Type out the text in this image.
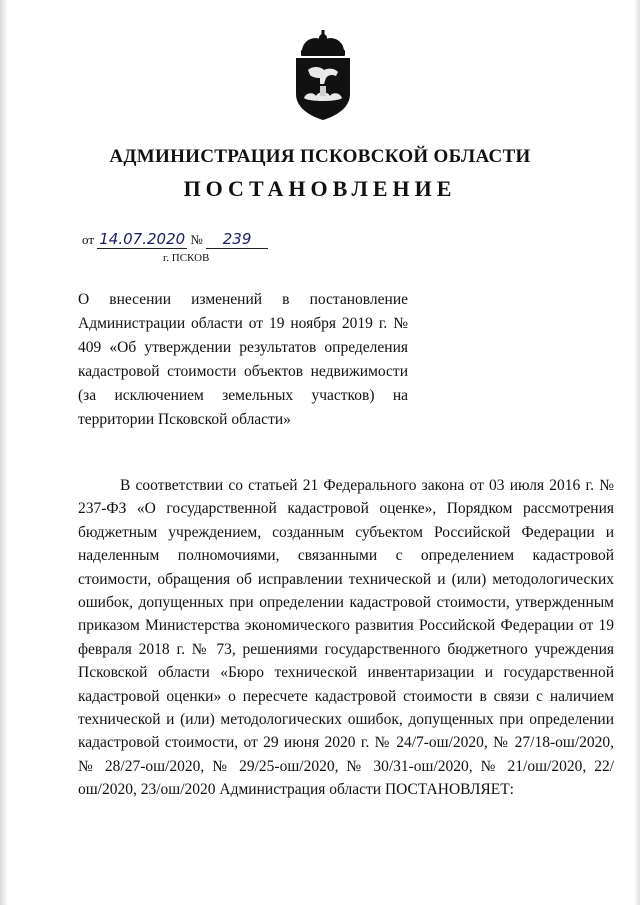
АДМИНИСТРАЦИЯ ПСКОВСКОЙ ОБЛАСТИ
ПОСТАНОВЛЕНИЕ
от 14.07.2020 № 239
г. ПСКОВ
О внесении изменений в постановление Администрации области от 19 ноября 2019 г. № 409 «Об утверждении результатов определения кадастровой стоимости объектов недвижимости (за исключением земельных участков) на территории Псковской области»
В соответствии со статьей 21 Федерального закона от 03 июля 2016 г. № 237-ФЗ «О государственной кадастровой оценке», Порядком рассмотрения бюджетным учреждением, созданным субъектом Российской Федерации и наделенным полномочиями, связанными с определением кадастровой стоимости, обращения об исправлении технической и (или) методологических ошибок, допущенных при определении кадастровой стоимости, утвержденным приказом Министерства экономического развития Российской Федерации от 19 февраля 2018 г. № 73, решениями государственного бюджетного учреждения Псковской области «Бюро технической инвентаризации и государственной кадастровой оценки» о пересчете кадастровой стоимости в связи с наличием технической и (или) методологических ошибок, допущенных при определении кадастровой стоимости, от 29 июня 2020 г. № 24/7-ош/2020, № 27/18-ош/2020, № 28/27-ош/2020, № 29/25-ош/2020, № 30/31-ош/2020, № 21/ош/2020, 22/ош/2020, 23/ош/2020 Администрация области ПОСТАНОВЛЯЕТ:
